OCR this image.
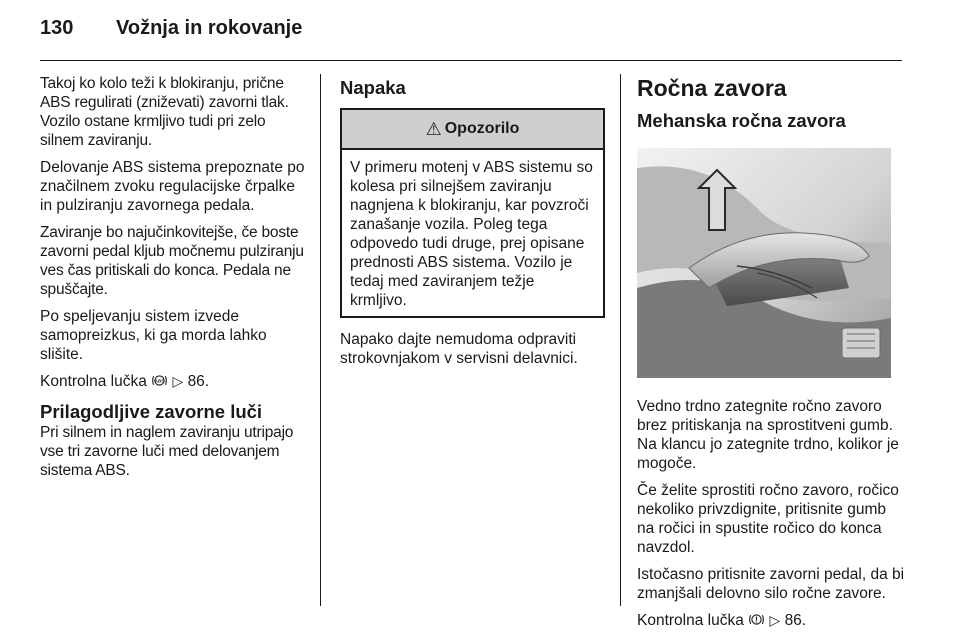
130 Vožnja in rokovanje

Takoj ko kolo teži k blokiranju, prične ABS regulirati (zniževati) zavorni tlak. Vozilo ostane krmljivo tudi pri zelo silnem zaviranju.

Delovanje ABS sistema prepoznate po značilnem zvoku regulacijske črpalke in pulziranju zavornega pedala.

Zaviranje bo najučinkovitejše, če boste zavorni pedal kljub močnemu pulziranju ves čas pritiskali do konca. Pedala ne spuščajte.

Po speljevanju sistem izvede samopreizkus, ki ga morda lahko slišite.

Kontrolna lučka ABS ▷ 86.

Prilagodljive zavorne luči

Pri silnem in naglem zaviranju utripajo vse tri zavorne luči med delovanjem sistema ABS.

Napaka
⚠ Opozorilo

V primeru motenj v ABS sistemu so kolesa pri silnejšem zaviranju nagnjena k blokiranju, kar povzroči zanašanje vozila. Poleg tega odpovedo tudi druge, prej opisane prednosti ABS sistema. Vozilo je tedaj med zaviranjem težje krmljivo.

Napako dajte nemudoma odpraviti strokovnjakom v servisni delavnici.

Ročna zavora
Mehanska ročna zavora

Vedno trdno zategnite ročno zavoro brez pritiskanja na sprostitveni gumb. Na klancu jo zategnite trdno, kolikor je mogoče.

Če želite sprostiti ročno zavoro, ročico nekoliko privzdignite, pritisnite gumb na ročici in spustite ročico do konca navzdol.

Istočasno pritisnite zavorni pedal, da bi zmanjšali delovno silo ročne zavore.

Kontrolna lučka ▷ 86.
